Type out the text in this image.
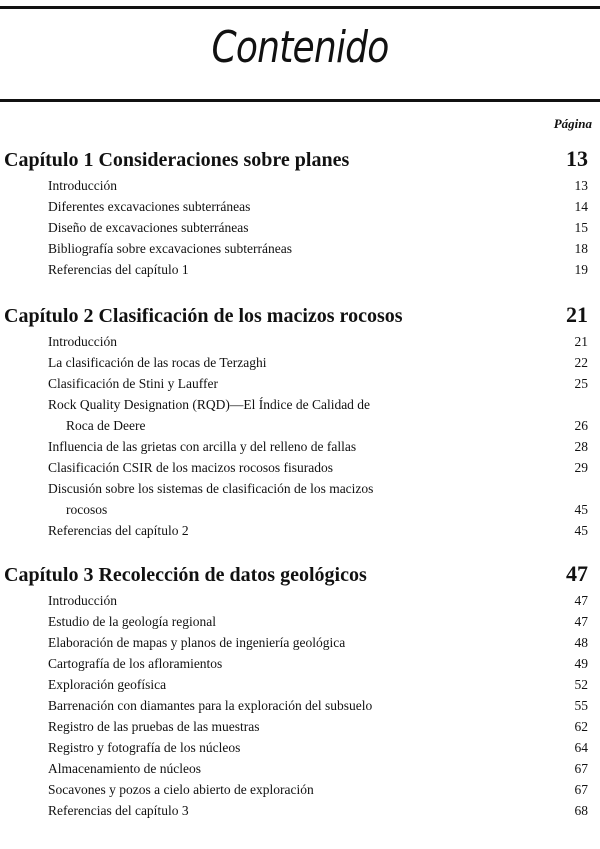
Contenido
Página
Capítulo 1 Consideraciones sobre planes	13
Introducción	13
Diferentes excavaciones subterráneas	14
Diseño de excavaciones subterráneas	15
Bibliografía sobre excavaciones subterráneas	18
Referencias del capítulo 1	19
Capítulo 2 Clasificación de los macizos rocosos	21
Introducción	21
La clasificación de las rocas de Terzaghi	22
Clasificación de Stini y Lauffer	25
Rock Quality Designation (RQD)—El Índice de Calidad de
Roca de Deere	26
Influencia de las grietas con arcilla y del relleno de fallas	28
Clasificación CSIR de los macizos rocosos fisurados	29
Discusión sobre los sistemas de clasificación de los macizos
rocosos	45
Referencias del capítulo 2	45
Capítulo 3 Recolección de datos geológicos	47
Introducción	47
Estudio de la geología regional	47
Elaboración de mapas y planos de ingeniería geológica	48
Cartografía de los afloramientos	49
Exploración geofísica	52
Barrenación con diamantes para la exploración del subsuelo	55
Registro de las pruebas de las muestras	62
Registro y fotografía de los núcleos	64
Almacenamiento de núcleos	67
Socavones y pozos a cielo abierto de exploración	67
Referencias del capítulo 3	68
